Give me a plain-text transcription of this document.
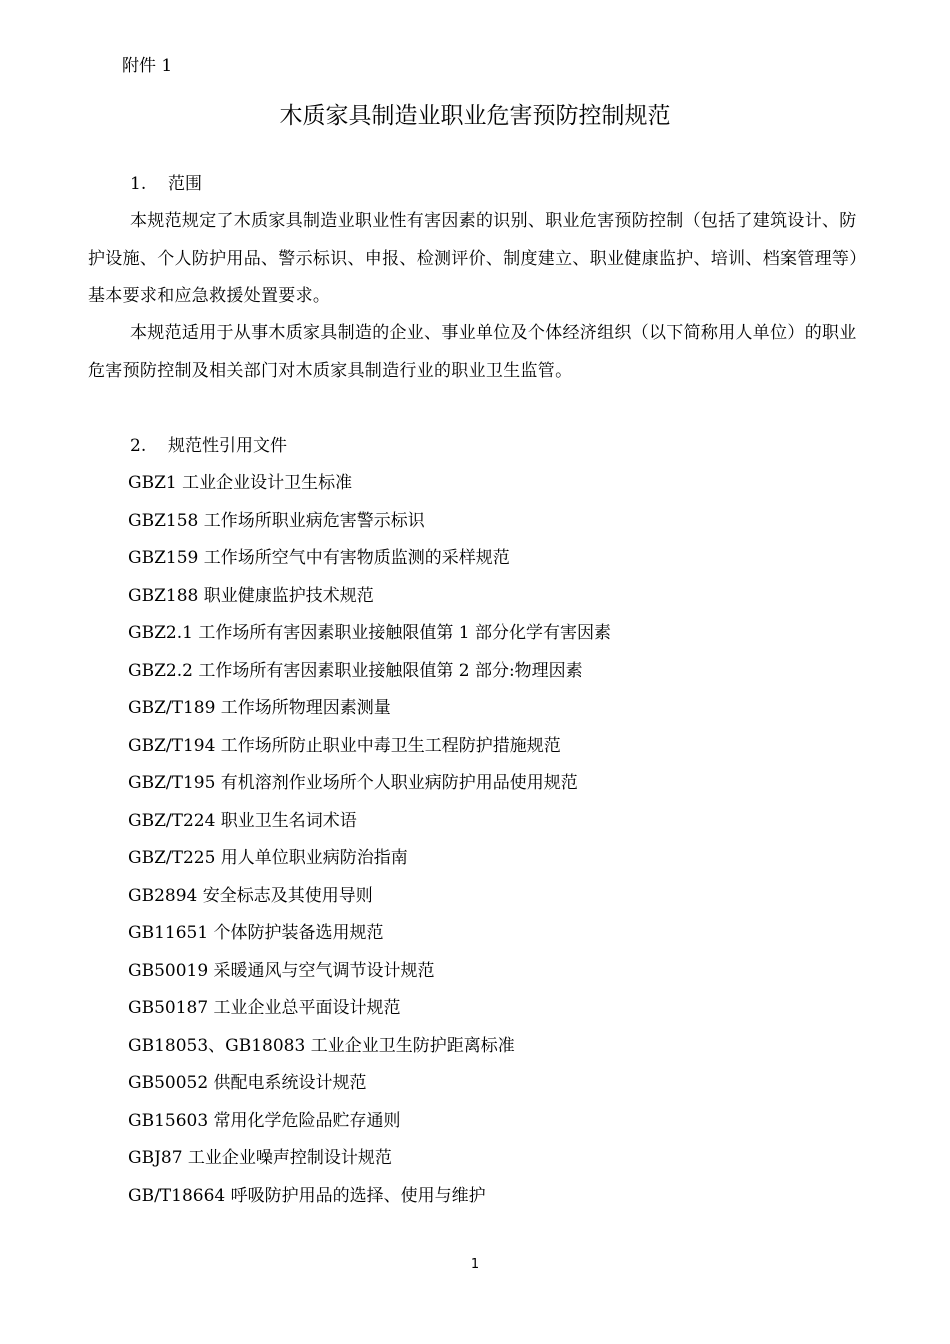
附件 1
木质家具制造业职业危害预防控制规范
1. 范围
本规范规定了木质家具制造业职业性有害因素的识别、职业危害预防控制（包括了建筑设计、防护设施、个人防护用品、警示标识、申报、检测评价、制度建立、职业健康监护、培训、档案管理等）基本要求和应急救援处置要求。
本规范适用于从事木质家具制造的企业、事业单位及个体经济组织（以下简称用人单位）的职业危害预防控制及相关部门对木质家具制造行业的职业卫生监管。
2. 规范性引用文件
GBZ1 工业企业设计卫生标准
GBZ158 工作场所职业病危害警示标识
GBZ159 工作场所空气中有害物质监测的采样规范
GBZ188 职业健康监护技术规范
GBZ2.1 工作场所有害因素职业接触限值第 1 部分化学有害因素
GBZ2.2 工作场所有害因素职业接触限值第 2 部分:物理因素
GBZ/T189 工作场所物理因素测量
GBZ/T194 工作场所防止职业中毒卫生工程防护措施规范
GBZ/T195 有机溶剂作业场所个人职业病防护用品使用规范
GBZ/T224 职业卫生名词术语
GBZ/T225 用人单位职业病防治指南
GB2894 安全标志及其使用导则
GB11651 个体防护装备选用规范
GB50019 采暖通风与空气调节设计规范
GB50187 工业企业总平面设计规范
GB18053、GB18083 工业企业卫生防护距离标准
GB50052 供配电系统设计规范
GB15603 常用化学危险品贮存通则
GBJ87 工业企业噪声控制设计规范
GB/T18664 呼吸防护用品的选择、使用与维护
1
